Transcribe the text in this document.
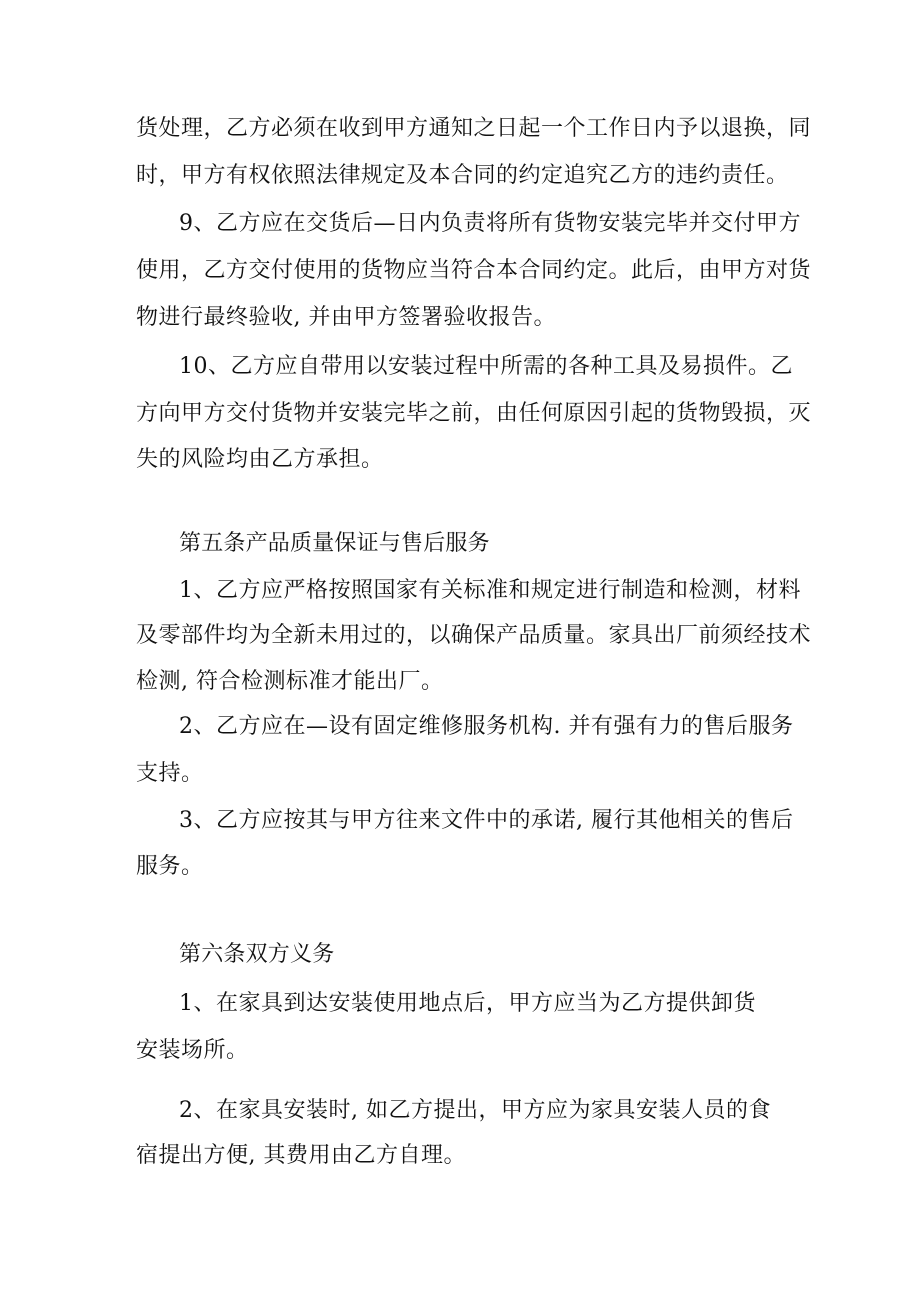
货处理，乙方必须在收到甲方通知之日起一个工作日内予以退换，同
时，甲方有权依照法律规定及本合同的约定追究乙方的违约责任。
9、乙方应在交货后—日内负责将所有货物安装完毕并交付甲方
使用，乙方交付使用的货物应当符合本合同约定。此后，由甲方对货
物进行最终验收, 并由甲方签署验收报告。
10、乙方应自带用以安装过程中所需的各种工具及易损件。乙
方向甲方交付货物并安装完毕之前，由任何原因引起的货物毁损，灭
失的风险均由乙方承担。
第五条产品质量保证与售后服务
1、乙方应严格按照国家有关标准和规定进行制造和检测，材料
及零部件均为全新未用过的，以确保产品质量。家具出厂前须经技术
检测, 符合检测标准才能出厂。
2、乙方应在—设有固定维修服务机构. 并有强有力的售后服务
支持。
3、乙方应按其与甲方往来文件中的承诺, 履行其他相关的售后
服务。
第六条双方义务
1、在家具到达安装使用地点后，甲方应当为乙方提供卸货
安装场所。
2、在家具安装时, 如乙方提出，甲方应为家具安装人员的食
宿提出方便, 其费用由乙方自理。
